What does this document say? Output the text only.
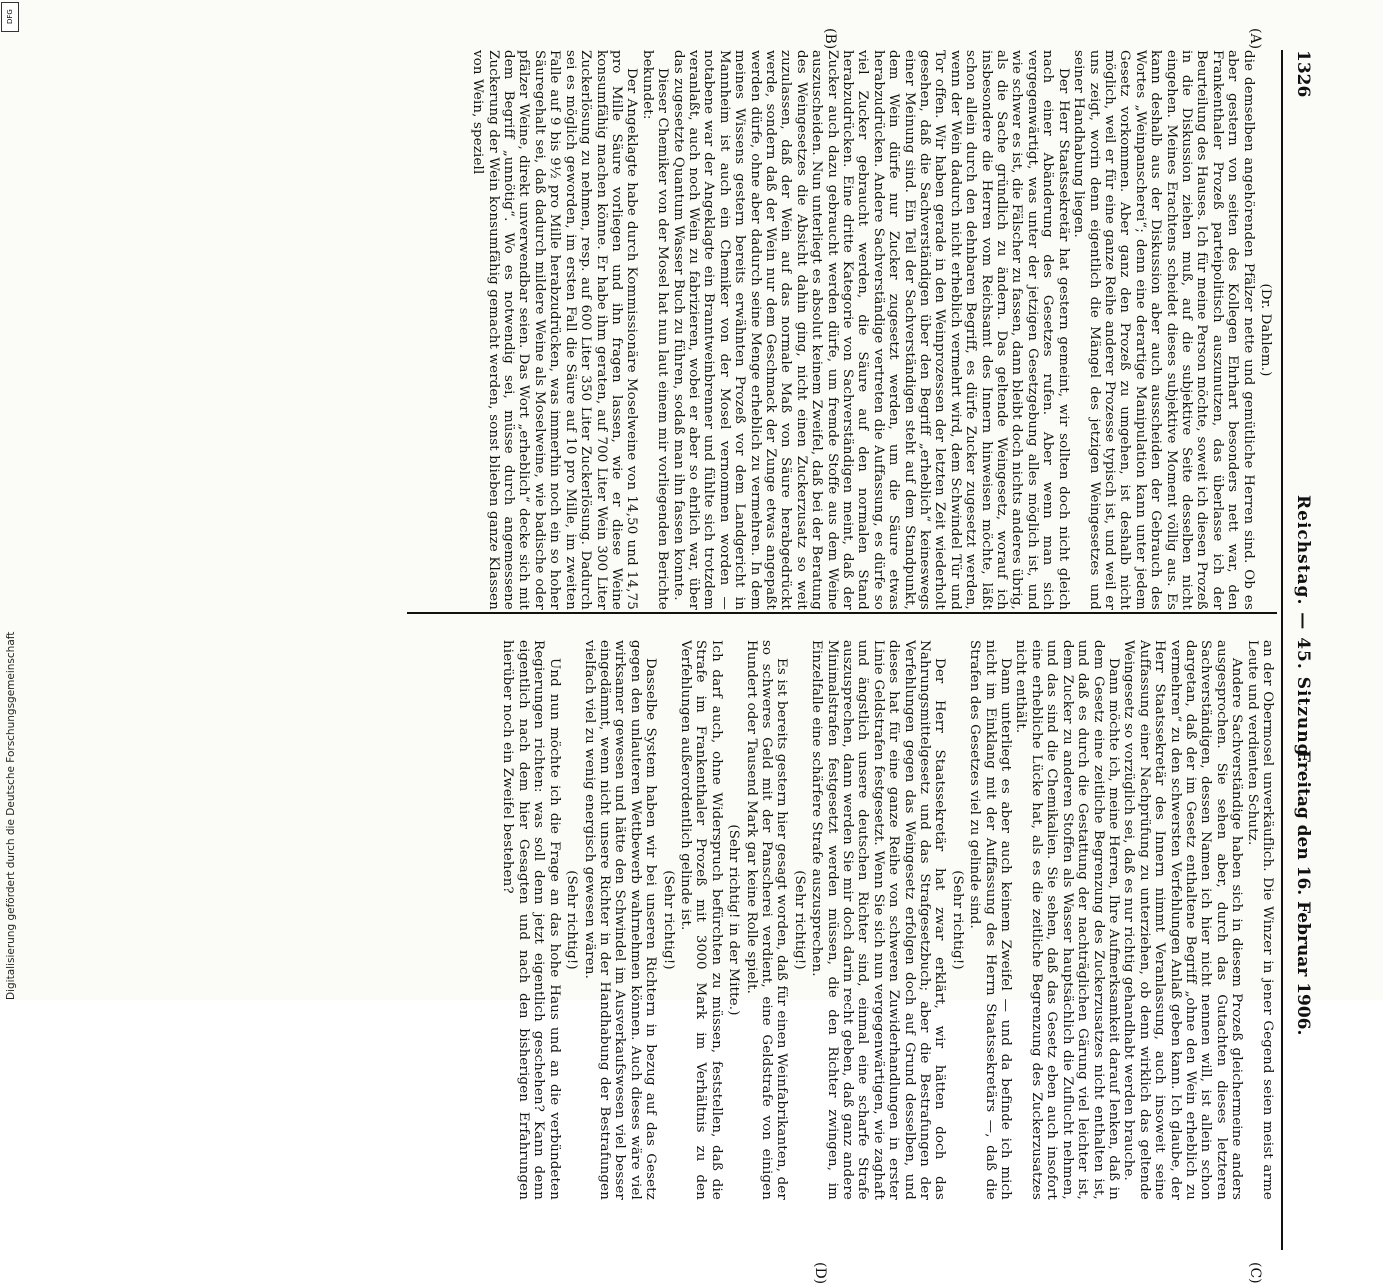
1326
Reichstag. — 45. Sitzung.
Freitag den 16. Februar 1906.
(A)
(B)
(C)
(D)

(Dr. Dahlem.)

die demselben angehörenden Pfälzer nette und gemütliche Herren sind. Ob es aber gestern von seiten des Kollegen Ehrhart besonders nett war, den Frankenthaler Prozeß parteipolitisch auszunutzen, das überlasse ich der Beurteilung des Hauses. Ich für meine Person möchte, soweit ich diesen Prozeß in die Diskussion ziehen muß, auf die subjektive Seite desselben nicht eingehen. Meines Erachtens scheidet dieses subjektive Moment völlig aus. Es kann deshalb aus der Diskussion aber auch ausscheiden der Gebrauch des Wortes „Weinpanscherei“; denn eine derartige Manipulation kann unter jedem Gesetz vorkommen. Aber ganz den Prozeß zu umgehen, ist deshalb nicht möglich, weil er für eine ganze Reihe anderer Prozesse typisch ist, und weil er uns zeigt, worin denn eigentlich die Mängel des jetzigen Weingesetzes und seiner Handhabung liegen.

Der Herr Staatssekretär hat gestern gemeint, wir sollten doch nicht gleich nach einer Abänderung des Gesetzes rufen. Aber wenn man sich vergegenwärtigt, was unter der jetzigen Gesetzgebung alles möglich ist, und wie schwer es ist, die Fälscher zu fassen, dann bleibt doch nichts anderes übrig, als die Sache gründlich zu ändern. Das geltende Weingesetz, worauf ich insbesondere die Herren vom Reichsamt des Innern hinweisen möchte, läßt schon allein durch den dehnbaren Begriff, es dürfe Zucker zugesetzt werden, wenn der Wein dadurch nicht erheblich vermehrt wird, dem Schwindel Tür und Tor offen. Wir haben gerade in den Weinprozessen der letzten Zeit wiederholt gesehen, daß die Sachverständigen über den Begriff „erheblich“ keineswegs einer Meinung sind. Ein Teil der Sachverständigen steht auf dem Standpunkt, dem Wein dürfe nur Zucker zugesetzt werden, um die Säure etwas herabzudrücken. Andere Sachverständige vertreten die Auffassung, es dürfe so viel Zucker gebraucht werden, die Säure auf den normalen Stand herabzudrücken. Eine dritte Kategorie von Sachverständigen meint, daß der Zucker auch dazu gebraucht werden dürfe, um fremde Stoffe aus dem Weine auszuscheiden. Nun unterliegt es absolut keinem Zweifel, daß bei der Beratung des Weingesetzes die Absicht dahin ging, nicht einen Zuckerzusatz so weit zuzulassen, daß der Wein auf das normale Maß von Säure herabgedrückt werde, sondern daß der Wein nur dem Geschmack der Zunge etwas angepaßt werden dürfe, ohne aber dadurch seine Menge erheblich zu vermehren. In dem meines Wissens gestern bereits erwähnten Prozeß vor dem Landgericht in Mannheim ist auch ein Chemiker von der Mosel vernommen worden — notabene war der Angeklagte ein Branntweinbrenner und fühlte sich trotzdem veranlaßt, auch noch Wein zu fabrizieren, wobei er aber so ehrlich war, über das zugesetzte Quantum Wasser Buch zu führen, sodaß man ihn fassen konnte.

Dieser Chemiker von der Mosel hat nun laut einem mir vorliegenden Berichte bekundet:

Der Angeklagte habe durch Kommissionäre Moselweine von 14,50 und 14,75 pro Mille Säure vorliegen und ihn fragen lassen, wie er diese Weine konsumfähig machen könne. Er habe ihm geraten, auf 700 Liter Wein 300 Liter Zuckerlösung zu nehmen, resp. auf 600 Liter 350 Liter Zuckerlösung. Dadurch sei es möglich geworden, im ersten Fall die Säure auf 10 pro Mille, im zweiten Falle auf 9 bis 9½ pro Mille herabzudrücken, was immerhin noch ein so hoher Säuregehalt sei, daß dadurch mildere Weine als Moselweine, wie badische oder pfälzer Weine, direkt unverwendbar seien. Das Wort „erheblich“ decke sich mit dem Begriff „unnötig“. Wo es notwendig sei, müsse durch angemessene Zuckerung der Wein konsumfähig gemacht werden, sonst blieben ganze Klassen von Wein, speziell

an der Obermosel unverkäuflich. Die Winzer in jener Gegend seien meist arme Leute und verdienten Schutz.

Andere Sachverständige haben sich in diesem Prozeß gleichermeine anders ausgesprochen. Sie sehen aber, durch das Gutachten dieses letzteren Sachverständigen, dessen Namen ich hier nicht nennen will, ist allein schon dargetan, daß der im Gesetz enthaltene Begriff „ohne den Wein erheblich zu vermehren“ zu den schwersten Verfehlungen Anlaß geben kann. Ich glaube, der Herr Staatssekretär des Innern nimmt Veranlassung, auch insoweit seine Auffassung einer Nachprüfung zu unterziehen, ob denn wirklich das geltende Weingesetz so vorzüglich sei, daß es nur richtig gehandhabt werden brauche.

Dann möchte ich, meine Herren, Ihre Aufmerksamkeit darauf lenken, daß in dem Gesetz eine zeitliche Begrenzung des Zuckerzusatzes nicht enthalten ist, und daß es durch die Gestattung der nachträglichen Gärung viel leichter ist, dem Zucker zu anderen Stoffen als Wasser hauptsächlich die Zuflucht nehmen, und das sind die Chemikalien. Sie sehen, daß das Gesetz eben auch insofort eine erhebliche Lücke hat, als es die zeitliche Begrenzung des Zuckerzusatzes nicht enthält.

Dann unterliegt es aber auch keinem Zweifel — und da befinde ich mich nicht im Einklang mit der Auffassung des Herrn Staatssekretärs —, daß die Strafen des Gesetzes viel zu gelinde sind.

(Sehr richtig!)

Der Herr Staatssekretär hat zwar erklärt, wir hätten doch das Nahrungsmittelgesetz und das Strafgesetzbuch; aber die Bestrafungen der Verfehlungen gegen das Weingesetz erfolgen doch auf Grund desselben, und dieses hat für eine ganze Reihe von schweren Zuwiderhandlungen in erster Linie Geldstrafen festgesetzt. Wenn Sie sich nun vergegenwärtigen, wie zaghaft und ängstlich unsere deutschen Richter sind, einmal eine scharfe Strafe auszusprechen, dann werden Sie mir doch darin recht geben, daß ganz andere Minimalstrafen festgesetzt werden müssen, die den Richter zwingen, im Einzelfalle eine schärfere Strafe auszusprechen.

(Sehr richtig!)

Es ist bereits gestern hier gesagt worden, daß für einen Weinfabrikanten, der so schweres Geld mit der Panscherei verdient, eine Geldstrafe von einigen Hundert oder Tausend Mark gar keine Rolle spielt.

(Sehr richtig! in der Mitte.)

Ich darf auch, ohne Widerspruch befürchten zu müssen, feststellen, daß die Strafe im Frankenthaler Prozeß mit 3000 Mark im Verhältnis zu den Verfehlungen außerordentlich gelinde ist.

(Sehr richtig!)

Dasselbe System haben wir bei unseren Richtern in bezug auf das Gesetz gegen den unlauteren Wettbewerb wahrnehmen können. Auch dieses wäre viel wirksamer gewesen und hätte den Schwindel im Ausverkaufswesen viel besser eingedämmt, wenn nicht unsere Richter in der Handhabung der Bestrafungen vielfach viel zu wenig energisch gewesen wären.

(Sehr richtig!)

Und nun möchte ich die Frage an das hohe Haus und an die verbündeten Regierungen richten: was soll denn jetzt eigentlich geschehen? Kann denn eigentlich nach dem hier Gesagten und nach den bisherigen Erfahrungen hierüber noch ein Zweifel bestehen?

DFG
Digitalisierung gefördert durch die Deutsche Forschungsgemeinschaft
